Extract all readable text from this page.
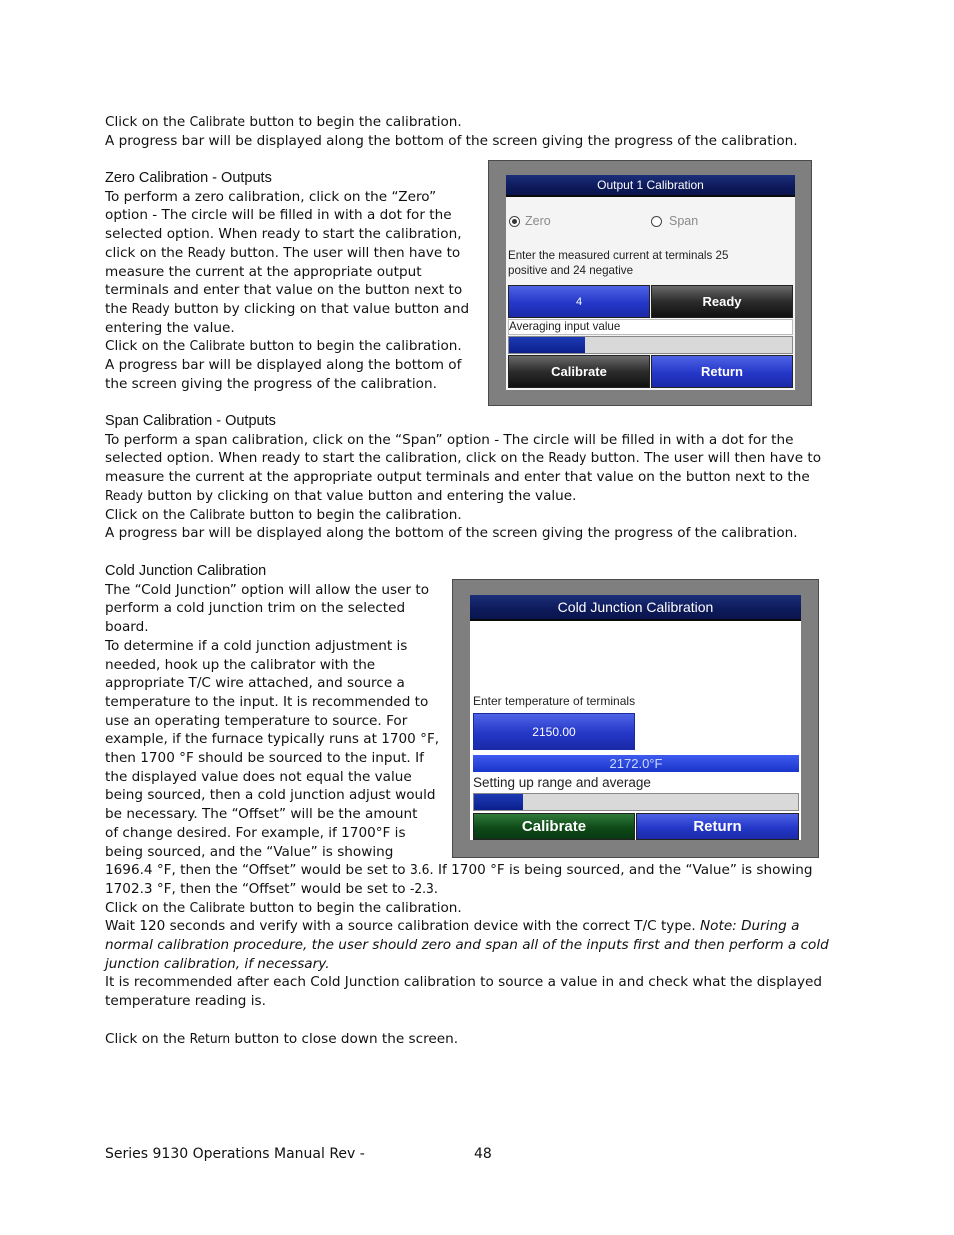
Click on the Calibrate button to begin the calibration.

A progress bar will be displayed along the bottom of the screen giving the progress of the calibration.

Zero Calibration - Outputs

To perform a zero calibration, click on the “Zero”

option - The circle will be filled in with a dot for the

selected option. When ready to start the calibration,

click on the Ready button. The user will then have to

measure the current at the appropriate output

terminals and enter that value on the button next to

the Ready button by clicking on that value button and

entering the value.

Click on the Calibrate button to begin the calibration.

A progress bar will be displayed along the bottom of

the screen giving the progress of the calibration.

Output 1 Calibration
Zero	Span
Enter the measured current at terminals 25
positive and 24 negative
4	Ready
Averaging input value
Calibrate	Return

Span Calibration - Outputs

To perform a span calibration, click on the “Span” option - The circle will be filled in with a dot for the

selected option. When ready to start the calibration, click on the Ready button. The user will then have to

measure the current at the appropriate output terminals and enter that value on the button next to the

Ready button by clicking on that value button and entering the value.

Click on the Calibrate button to begin the calibration.

A progress bar will be displayed along the bottom of the screen giving the progress of the calibration.

Cold Junction Calibration

The “Cold Junction” option will allow the user to

perform a cold junction trim on the selected

board.

To determine if a cold junction adjustment is

needed, hook up the calibrator with the

appropriate T/C wire attached, and source a

temperature to the input. It is recommended to

use an operating temperature to source. For

example, if the furnace typically runs at 1700 °F,

then 1700 °F should be sourced to the input. If

the displayed value does not equal the value

being sourced, then a cold junction adjust would

be necessary. The “Offset” will be the amount

of change desired. For example, if 1700°F is

being sourced, and the “Value” is showing

1696.4 °F, then the “Offset” would be set to 3.6. If 1700 °F is being sourced, and the “Value” is showing

1702.3 °F, then the “Offset” would be set to -2.3.

Click on the Calibrate button to begin the calibration.

Wait 120 seconds and verify with a source calibration device with the correct T/C type. Note: During a

normal calibration procedure, the user should zero and span all of the inputs first and then perform a cold

junction calibration, if necessary.

It is recommended after each Cold Junction calibration to source a value in and check what the displayed

temperature reading is.

Click on the Return button to close down the screen.

Cold Junction Calibration
Enter temperature of terminals
2150.00
2172.0°F
Setting up range and average
Calibrate	Return
Series 9130 Operations Manual Rev -	48
